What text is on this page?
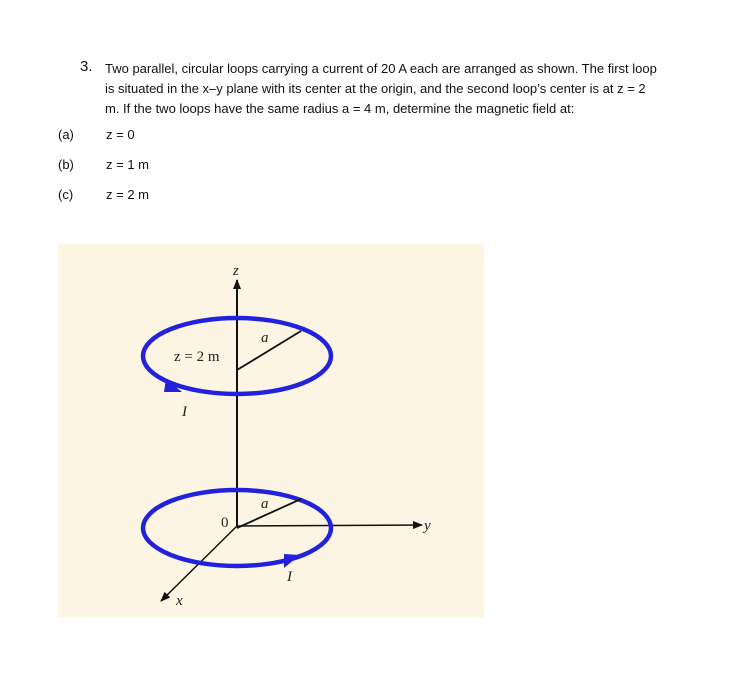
3. Two parallel, circular loops carrying a current of 20 A each are arranged as shown. The first loop
is situated in the x–y plane with its center at the origin, and the second loop’s center is at z = 2
m. If the two loops have the same radius a = 4 m, determine the magnetic field at:
(a) z = 0
(b) z = 1 m
(c)	z = 2 m
z
y
x
0
z = 2 m
a
a
I
I
